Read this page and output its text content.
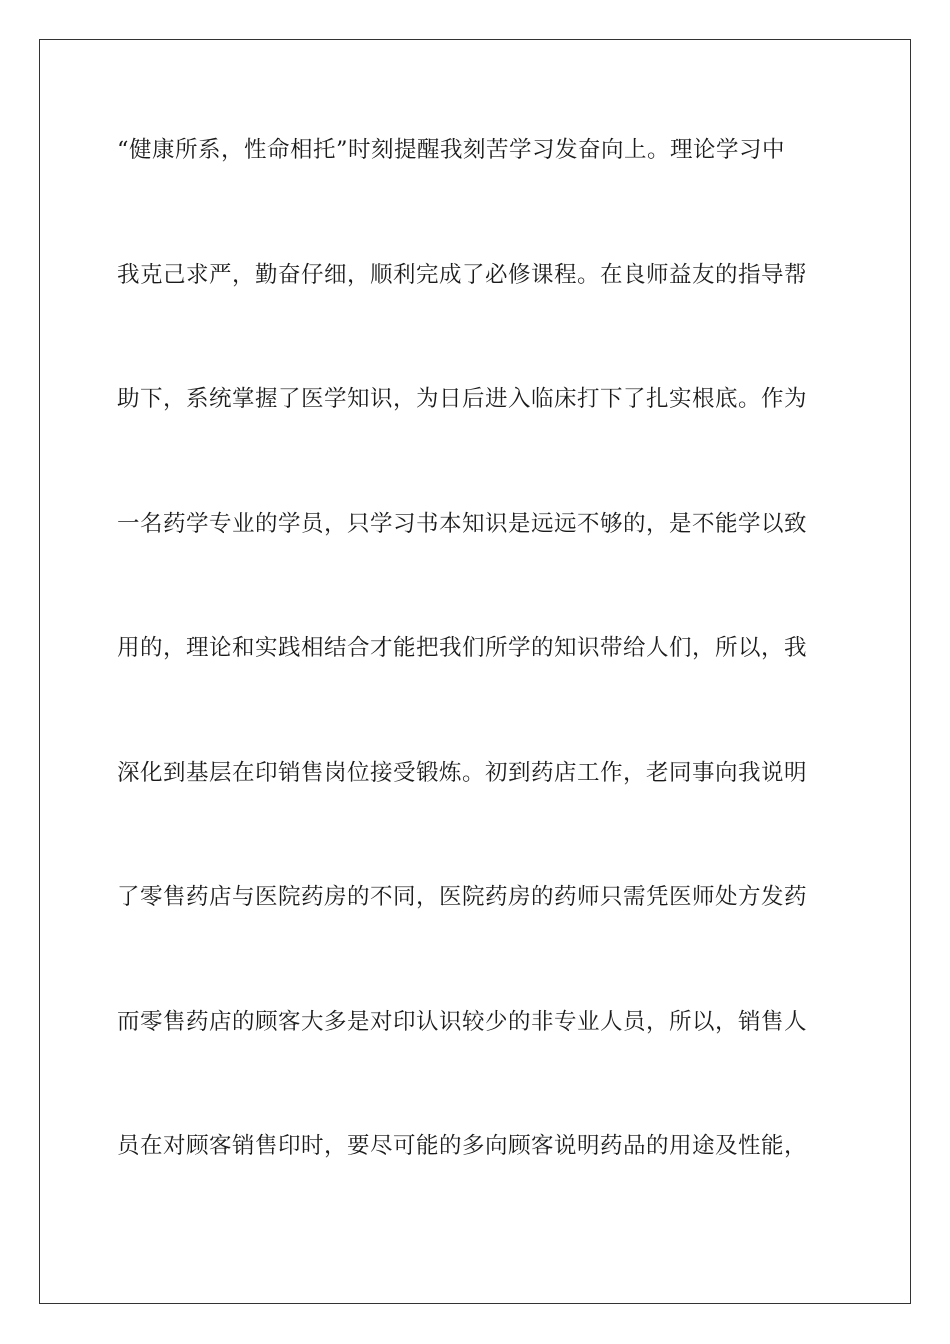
“健康所系，性命相托”时刻提醒我刻苦学习发奋向上。理论学习中
我克己求严，勤奋仔细，顺利完成了必修课程。在良师益友的指导帮
助下，系统掌握了医学知识，为日后进入临床打下了扎实根底。作为
一名药学专业的学员，只学习书本知识是远远不够的，是不能学以致
用的，理论和实践相结合才能把我们所学的知识带给人们，所以，我
深化到基层在印销售岗位接受锻炼。初到药店工作，老同事向我说明
了零售药店与医院药房的不同，医院药房的药师只需凭医师处方发药
而零售药店的顾客大多是对印认识较少的非专业人员，所以，销售人
员在对顾客销售印时，要尽可能的多向顾客说明药品的用途及性能，
